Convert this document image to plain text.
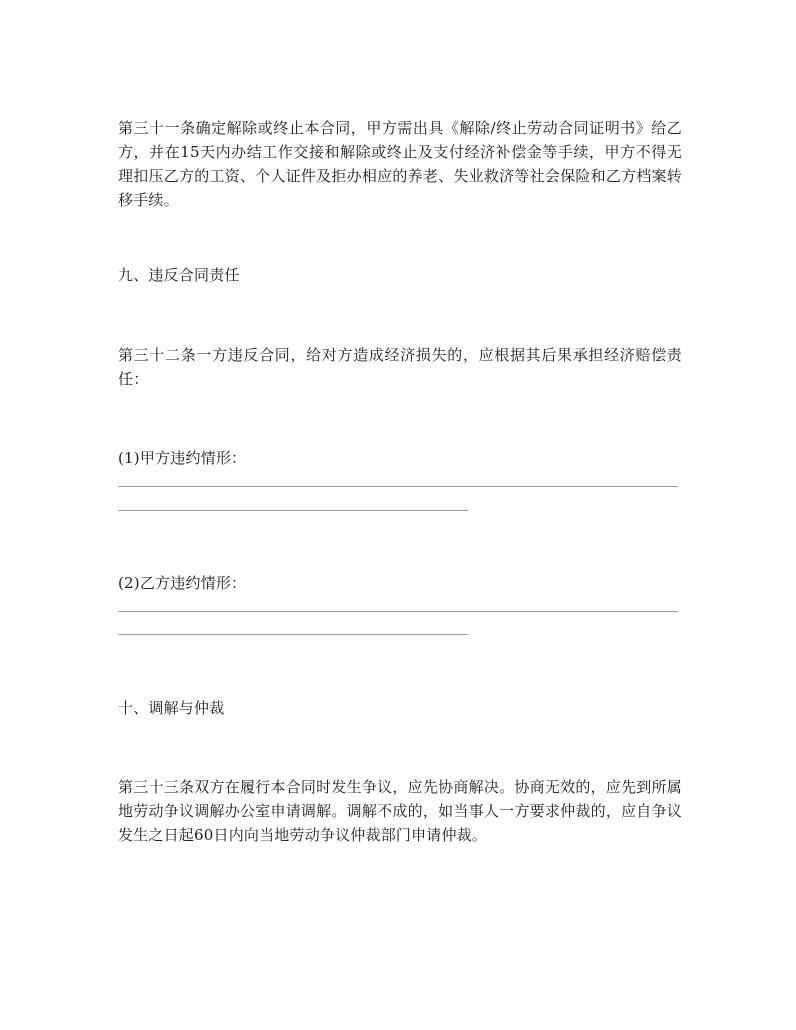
第三十一条确定解除或终止本合同，甲方需出具《解除/终止劳动合同证明书》给乙方，并在15天内办结工作交接和解除或终止及支付经济补偿金等手续，甲方不得无理扣压乙方的工资、个人证件及拒办相应的养老、失业救济等社会保险和乙方档案转移手续。

九、违反合同责任

第三十二条一方违反合同，给对方造成经济损失的，应根据其后果承担经济赔偿责任：

(1)甲方违约情形：

(2)乙方违约情形：

十、调解与仲裁

第三十三条双方在履行本合同时发生争议，应先协商解决。协商无效的，应先到所属地劳动争议调解办公室申请调解。调解不成的，如当事人一方要求仲裁的，应自争议发生之日起60日内向当地劳动争议仲裁部门申请仲裁。
